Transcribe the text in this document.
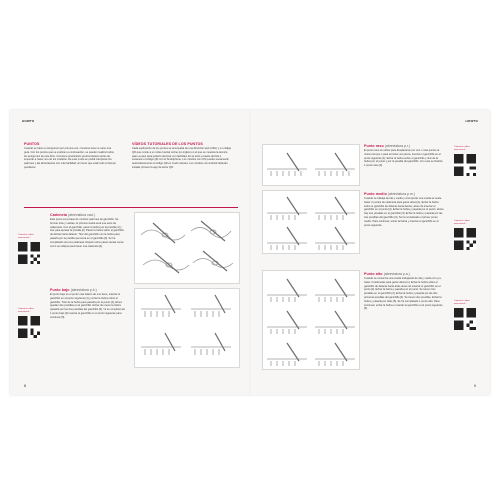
HOWTO
PUNTOS
Cuando se hace un Amigurumi por primera vez, conviene tener a mano una guía. Con los puntos que se explican a continuación, se pueden realizar todos los amigurumi de este libro. Conviene practicarlos puntos básicos antes de empezar a hacer uno de los modelos. De este modo se podrá interpretar los patrones y las abreviaturas con más facilidad, sin tener que estar todo el tiempo pendiente.
VÍDEOS TUTORIALES DE LOS PUNTOS
Cada explicación de los puntos se acompaña de una dirección web (URL) y un código QR que remite a un vídeo tutorial online (en inglés) en el que se muestra la técnica paso a paso para poderlo dominar con facilidad. En el texto a través del link o escanear el código QR con el Smartphone. Los móviles con iOS pueden escanearlo automáticamente el código QR en modo cámara. Los móviles con Android deberán instalar primero la app de lector QR.
Tutorial en vídeo: www.search...
Cadeneta (abreviatura cad.)
Este punto es la base de muchos patrones de ganchillo. Se forman tiras y vueltas, la primera vuelta será una serie de cadenetas. Con el ganchillo, sacar la hebra por la presilla [1] y tirar para apretar la presilla [2]. Pasar la hebra sobre el ganchillo de detrás hacia delante. Tirar del ganchillo con la hebra para pasarla por la presilla que tenía en el ganchillo [3]. Se ha completado así una cadeneta. Repetir estos pasos tantas veces como se indique para hacer una cadeneta [4].
Tutorial en vídeo: www.search...
Punto bajo (abreviatura p.b.)
El punto bajo es el punto más básico de uno tiene, insertar el ganchillo en el punto siguiente [1] y echar la hebra sobre el ganchillo. Tirar de la hebra para pasarla por el punto [2]; ahora quedan dos presillas en el ganchillo. Echar de nuevo la hebra (pasarla por las dos presillas del ganchillo [3]. Ya se completó así 1 punto bajo [4] insertar el ganchillo en el punto siguiente para continuar [5].
8
HOWTO
Punto raso (abreviatura p.r.)
El punto raso se utiliza para desplazarse por uno o más puntos al mismo tiempo o para terminar una pieza. Insertar el ganchillo en el punto siguiente [1]. Echar la hebra sobre el ganchillo y tirar de la hebra por el punto y por la presilla del ganchillo. Con esto se finaliza 1 punto raso [2].
Tutorial en vídeo: www.search...
Punto medio (abreviatura p.m.)
Cuando se trabaja de ida y vuelta y al empezar una vuelta se suele hacer 2 puntos de cadeneta para ganar altura [1]. Echar la hebra sobre el ganchillo de delante hacia detrás, antes de insertar el ganchillo en el punto [2]. Echar la hebra y pasarla por el punto; ahora hay tres presillas en el ganchillo [3]. Echar la hebra y pasarla por las tres presillas del ganchillo [4]. Se ha completado el primer punto medio. Para continuar, echar la hebra y insertar el ganchillo en el punto siguiente.
Tutorial en vídeo: www.search...
Punto alto (abreviatura p.a.)
Cuando se comienza una vuelta trabajando de ida y vuelta con p.a. hacer 3 cadenetas para ganar altura [1]. Echar la hebra sobre el ganchillo de delante hacia atrás antes de insertar el ganchillo en el punto [2]. Echar la hebra y pasarla por el punto. Se tienen tres presillas en el ganchillo [3]. Echar la hebra y pasarla por las dos primeras presillas del ganchillo [4]. Se tienen dos presillas. Echar la hebra y pasarla por ellas [5]. Se ha completado 1 punto alto. Para continuar, echar la hebra e insertar el ganchillo en el punto siguiente [6].
Tutorial en vídeo: www.search...
9
